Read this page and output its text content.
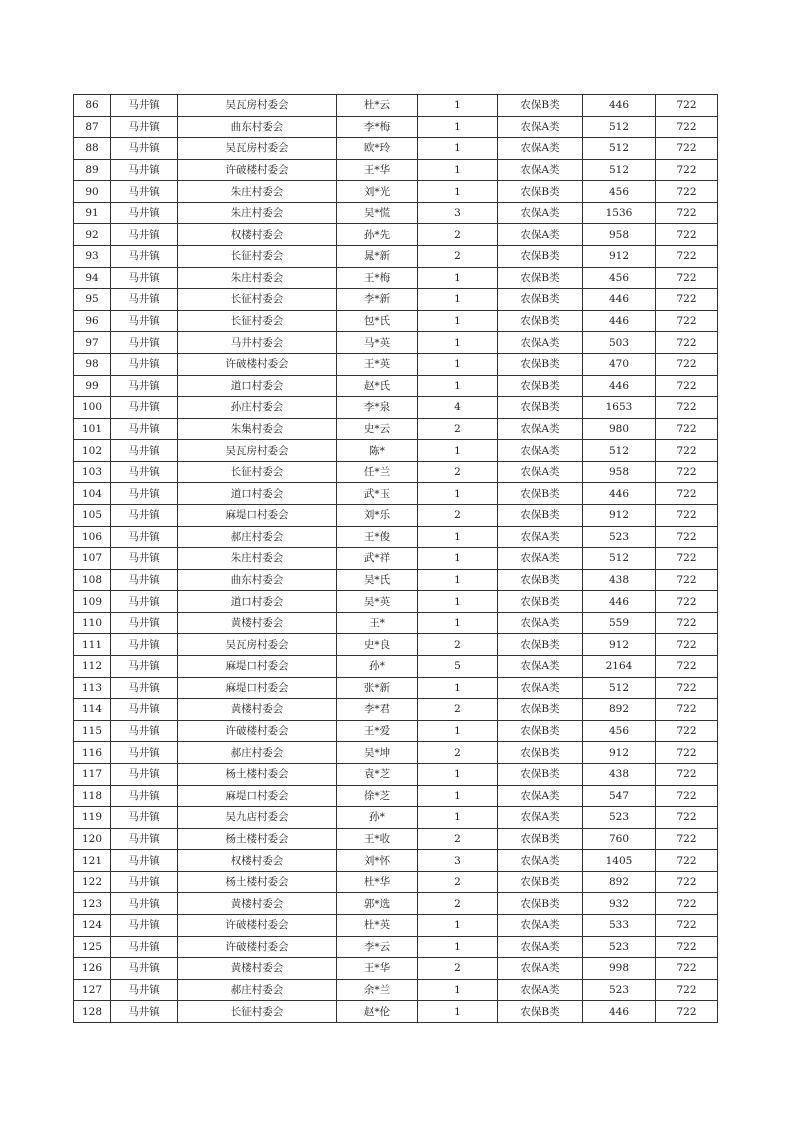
86	马井镇	吴瓦房村委会	杜*云	1	农保B类	446	722
87	马井镇	曲东村委会	李*梅	1	农保A类	512	722
88	马井镇	吴瓦房村委会	欧*玲	1	农保A类	512	722
89	马井镇	许破楼村委会	王*华	1	农保A类	512	722
90	马井镇	朱庄村委会	刘*光	1	农保B类	456	722
91	马井镇	朱庄村委会	吴*慌	3	农保A类	1536	722
92	马井镇	权楼村委会	孙*先	2	农保A类	958	722
93	马井镇	长征村委会	晁*新	2	农保B类	912	722
94	马井镇	朱庄村委会	王*梅	1	农保B类	456	722
95	马井镇	长征村委会	李*新	1	农保B类	446	722
96	马井镇	长征村委会	包*氏	1	农保B类	446	722
97	马井镇	马井村委会	马*英	1	农保A类	503	722
98	马井镇	许破楼村委会	王*英	1	农保B类	470	722
99	马井镇	道口村委会	赵*氏	1	农保B类	446	722
100	马井镇	孙庄村委会	李*泉	4	农保B类	1653	722
101	马井镇	朱集村委会	史*云	2	农保A类	980	722
102	马井镇	吴瓦房村委会	陈*	1	农保A类	512	722
103	马井镇	长征村委会	任*兰	2	农保A类	958	722
104	马井镇	道口村委会	武*玉	1	农保B类	446	722
105	马井镇	麻堤口村委会	刘*乐	2	农保B类	912	722
106	马井镇	郝庄村委会	王*俊	1	农保A类	523	722
107	马井镇	朱庄村委会	武*祥	1	农保A类	512	722
108	马井镇	曲东村委会	吴*氏	1	农保B类	438	722
109	马井镇	道口村委会	吴*英	1	农保B类	446	722
110	马井镇	黄楼村委会	王*	1	农保A类	559	722
111	马井镇	吴瓦房村委会	史*良	2	农保B类	912	722
112	马井镇	麻堤口村委会	孙*	5	农保A类	2164	722
113	马井镇	麻堤口村委会	张*新	1	农保A类	512	722
114	马井镇	黄楼村委会	李*君	2	农保B类	892	722
115	马井镇	许破楼村委会	王*爱	1	农保B类	456	722
116	马井镇	郝庄村委会	吴*坤	2	农保B类	912	722
117	马井镇	杨土楼村委会	袁*芝	1	农保B类	438	722
118	马井镇	麻堤口村委会	徐*芝	1	农保A类	547	722
119	马井镇	吴九店村委会	孙*	1	农保A类	523	722
120	马井镇	杨土楼村委会	王*收	2	农保B类	760	722
121	马井镇	权楼村委会	刘*怀	3	农保A类	1405	722
122	马井镇	杨土楼村委会	杜*华	2	农保B类	892	722
123	马井镇	黄楼村委会	郭*选	2	农保B类	932	722
124	马井镇	许破楼村委会	杜*英	1	农保A类	533	722
125	马井镇	许破楼村委会	李*云	1	农保A类	523	722
126	马井镇	黄楼村委会	王*华	2	农保A类	998	722
127	马井镇	郝庄村委会	余*兰	1	农保A类	523	722
128	马井镇	长征村委会	赵*伦	1	农保B类	446	722
